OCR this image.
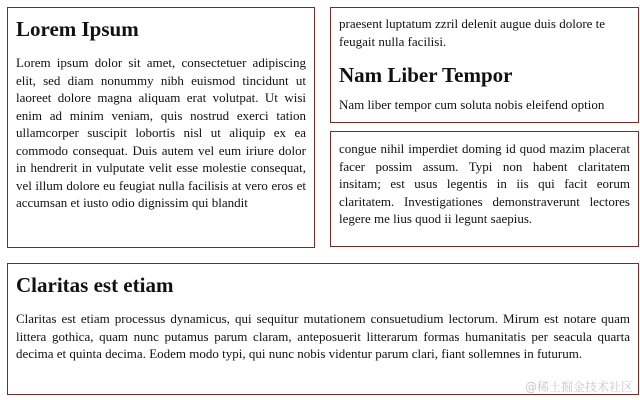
Lorem Ipsum

Lorem ipsum dolor sit amet, consectetuer adipiscing elit, sed diam nonummy nibh euismod tincidunt ut laoreet dolore magna aliquam erat volutpat. Ut wisi enim ad minim veniam, quis nostrud exerci tation ullamcorper suscipit lobortis nisl ut aliquip ex ea commodo consequat. Duis autem vel eum iriure dolor in hendrerit in vulputate velit esse molestie consequat, vel illum dolore eu feugiat nulla facilisis at vero eros et accumsan et iusto odio dignissim qui blandit

praesent luptatum zzril delenit augue duis dolore te feugait nulla facilisi.

Nam Liber Tempor

Nam liber tempor cum soluta nobis eleifend option

congue nihil imperdiet doming id quod mazim placerat facer possim assum. Typi non habent claritatem insitam; est usus legentis in iis qui facit eorum claritatem. Investigationes demonstraverunt lectores legere me lius quod ii legunt saepius.

Claritas est etiam

Claritas est etiam processus dynamicus, qui sequitur mutationem consuetudium lectorum. Mirum est notare quam littera gothica, quam nunc putamus parum claram, anteposuerit litterarum formas humanitatis per seacula quarta decima et quinta decima. Eodem modo typi, qui nunc nobis videntur parum clari, fiant sollemnes in futurum.

@稀土掘金技术社区
